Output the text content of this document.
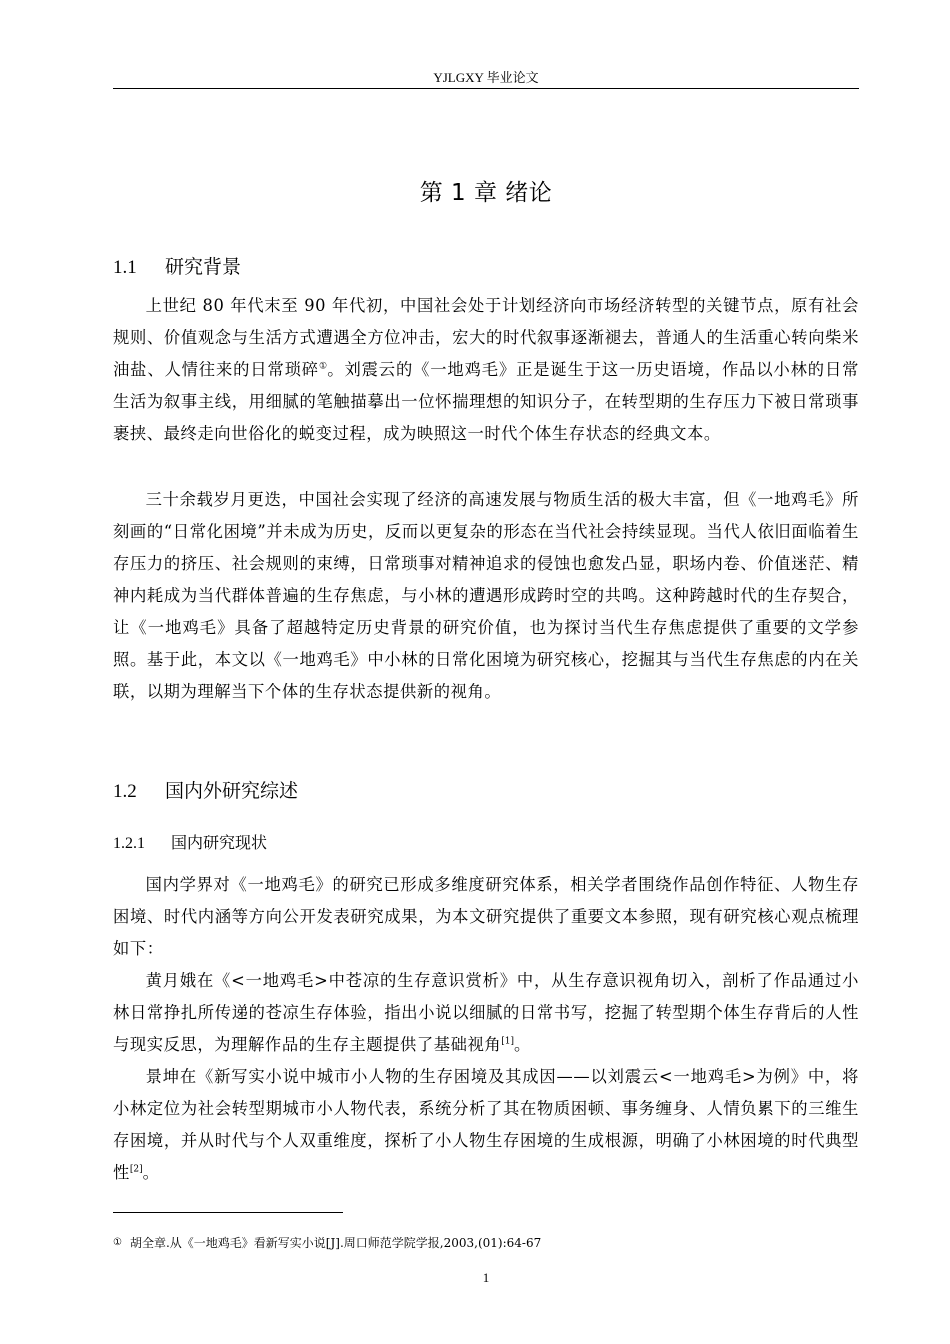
YJLGXY 毕业论文
第 1 章 绪论
1.1 研究背景

上世纪 80 年代末至 90 年代初，中国社会处于计划经济向市场经济转型的关键节点，原有社会规则、价值观念与生活方式遭遇全方位冲击，宏大的时代叙事逐渐褪去，普通人的生活重心转向柴米油盐、人情往来的日常琐碎①。刘震云的《一地鸡毛》正是诞生于这一历史语境，作品以小林的日常生活为叙事主线，用细腻的笔触描摹出一位怀揣理想的知识分子，在转型期的生存压力下被日常琐事裹挟、最终走向世俗化的蜕变过程，成为映照这一时代个体生存状态的经典文本。

三十余载岁月更迭，中国社会实现了经济的高速发展与物质生活的极大丰富，但《一地鸡毛》所刻画的“日常化困境”并未成为历史，反而以更复杂的形态在当代社会持续显现。当代人依旧面临着生存压力的挤压、社会规则的束缚，日常琐事对精神追求的侵蚀也愈发凸显，职场内卷、价值迷茫、精神内耗成为当代群体普遍的生存焦虑，与小林的遭遇形成跨时空的共鸣。这种跨越时代的生存契合，让《一地鸡毛》具备了超越特定历史背景的研究价值，也为探讨当代生存焦虑提供了重要的文学参照。基于此，本文以《一地鸡毛》中小林的日常化困境为研究核心，挖掘其与当代生存焦虑的内在关联，以期为理解当下个体的生存状态提供新的视角。

1.2 国内外研究综述
1.2.1 国内研究现状

国内学界对《一地鸡毛》的研究已形成多维度研究体系，相关学者围绕作品创作特征、人物生存困境、时代内涵等方向公开发表研究成果，为本文研究提供了重要文本参照，现有研究核心观点梳理如下：

黄月娥在《<一地鸡毛>中苍凉的生存意识赏析》中，从生存意识视角切入，剖析了作品通过小林日常挣扎所传递的苍凉生存体验，指出小说以细腻的日常书写，挖掘了转型期个体生存背后的人性与现实反思，为理解作品的生存主题提供了基础视角[1]。

景坤在《新写实小说中城市小人物的生存困境及其成因——以刘震云<一地鸡毛>为例》中，将小林定位为社会转型期城市小人物代表，系统分析了其在物质困顿、事务缠身、人情负累下的三维生存困境，并从时代与个人双重维度，探析了小人物生存困境的生成根源，明确了小林困境的时代典型性[2]。

① 胡全章.从《一地鸡毛》看新写实小说[J].周口师范学院学报,2003,(01):64-67
1
